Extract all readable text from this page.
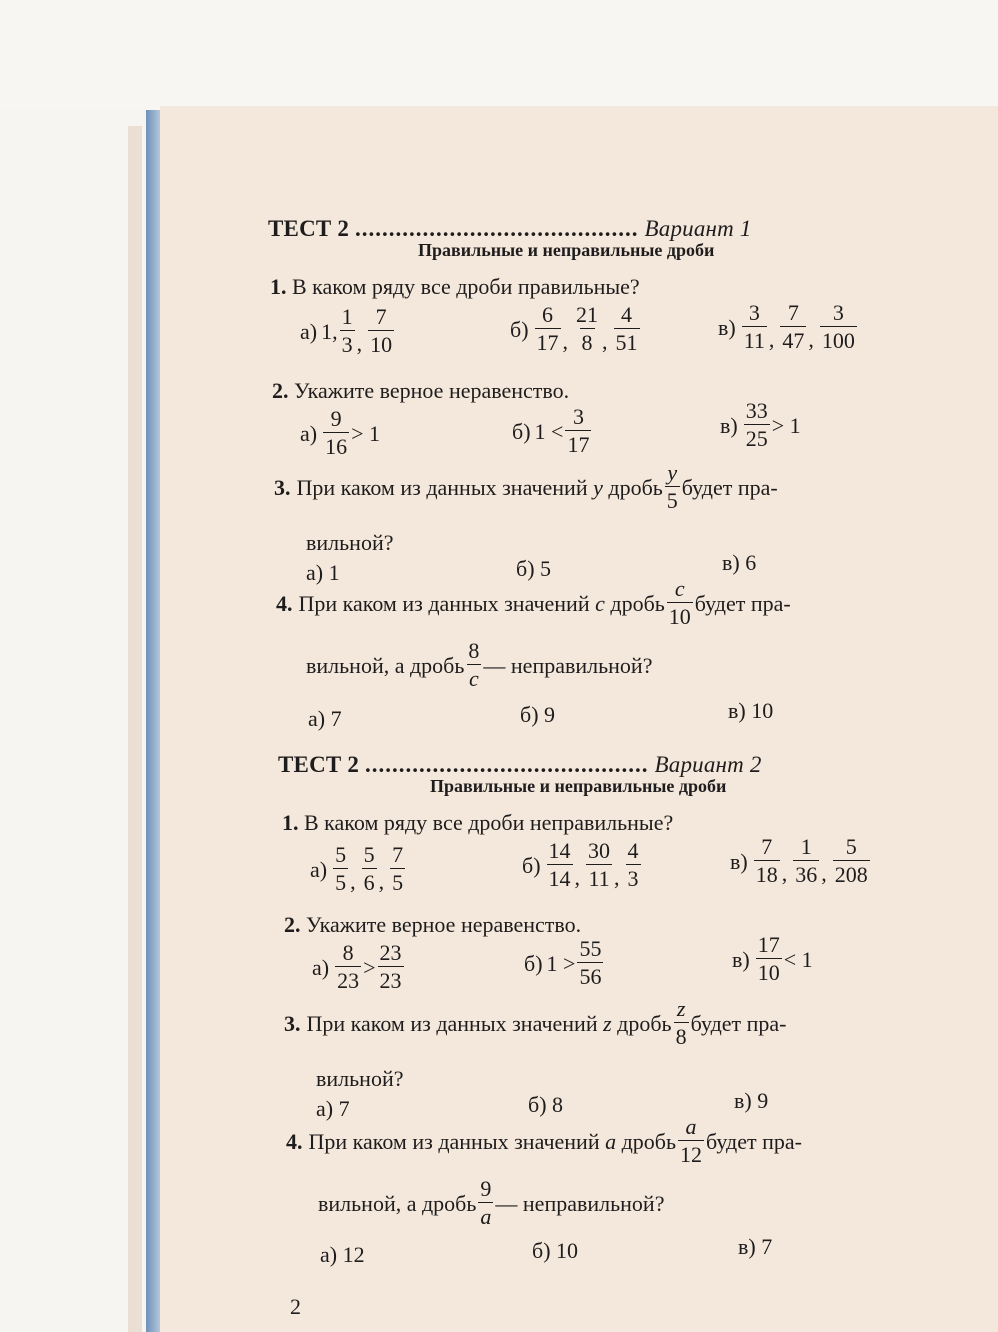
ТЕСТ 2 .......................................... Вариант 1
Правильные и неправильные дроби
1. В каком ряду все дроби правильные?
а) 1, $\frac{1}{3}$ , $\frac{7}{10}$	$б) \frac{6}{17}$ , $\frac{21}{8}$ , $\frac{4}{51}$	$в) \frac{3}{11}$ , $\frac{7}{47}$ , $\frac{3}{100}$
2. Укажите верное неравенство.
$а) \frac{9}{16} > 1$	б) $1 < \frac{3}{17}$	$в) \frac{33}{25} > 1$
3. При каком из данных значений
y
дробь $\frac{y}{5}$ будет пра-
вильной?
а) 1	б) 5	в) 6
4. При каком из данных значений
c
дробь $\frac{c}{10}$ будет пра-
вильной, а дробь $\frac{8}{c}$ — неправильной?
а) 7	б) 9	в) 10
ТЕСТ 2 .......................................... Вариант 2
Правильные и неправильные дроби
1. В каком ряду все дроби неправильные?
$а) \frac{5}{5}$ , $\frac{5}{6}$ , $\frac{7}{5}$	$б) \frac{14}{14}$ , $\frac{30}{11}$ , $\frac{4}{3}$	$в) \frac{7}{18}$ , $\frac{1}{36}$ , $\frac{5}{208}$
2. Укажите верное неравенство.
$а) \frac{8}{23} > \frac{23}{23}$	б) $1 > \frac{55}{56}$	$в) \frac{17}{10} < 1$
3. При каком из данных значений
z
дробь $\frac{z}{8}$ будет пра-
вильной?
а) 7	б) 8	в) 9
4. При каком из данных значений
a
дробь $\frac{a}{12}$ будет пра-
вильной, а дробь $\frac{9}{a}$ — неправильной?
а) 12	б) 10	в) 7
2
